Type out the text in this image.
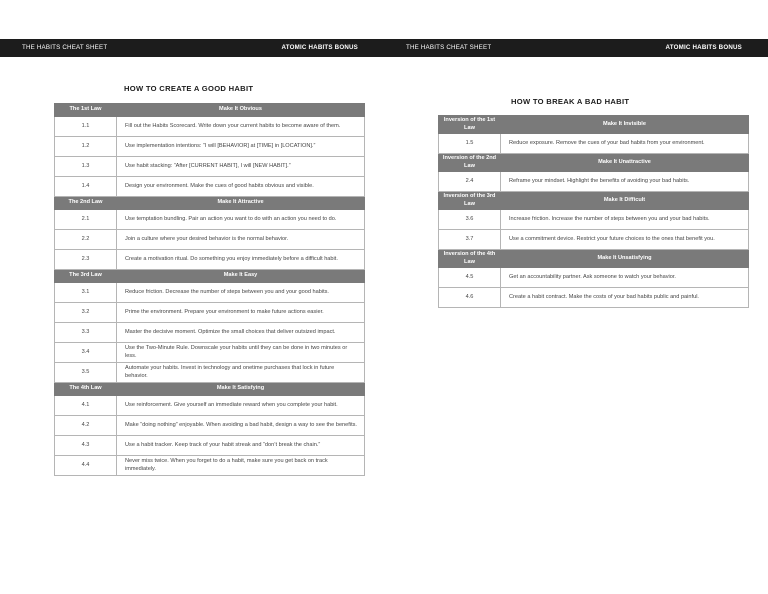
THE HABITS CHEAT SHEET	ATOMIC HABITS BONUS
HOW TO CREATE A GOOD HABIT
The 1st Law	Make It Obvious
1.1	Fill out the Habits Scorecard. Write down your current habits to become aware of them.
1.2	Use implementation intentions: “I will [BEHAVIOR] at [TIME] in [LOCATION].”
1.3	Use habit stacking: “After [CURRENT HABIT], I will [NEW HABIT].”
1.4	Design your environment. Make the cues of good habits obvious and visible.
The 2nd Law	Make It Attractive
2.1	Use temptation bundling. Pair an action you want to do with an action you need to do.
2.2	Join a culture where your desired behavior is the normal behavior.
2.3	Create a motivation ritual. Do something you enjoy immediately before a difficult habit.
The 3rd Law	Make It Easy
3.1	Reduce friction. Decrease the number of steps between you and your good habits.
3.2	Prime the environment. Prepare your environment to make future actions easier.
3.3	Master the decisive moment. Optimize the small choices that deliver outsized impact.
3.4	Use the Two-Minute Rule. Downscale your habits until they can be done in two minutes or less.
3.5	Automate your habits. Invest in technology and onetime purchases that lock in future behavior.
The 4th Law	Make It Satisfying
4.1	Use reinforcement. Give yourself an immediate reward when you complete your habit.
4.2	Make “doing nothing” enjoyable. When avoiding a bad habit, design a way to see the benefits.
4.3	Use a habit tracker. Keep track of your habit streak and “don’t break the chain.”
4.4	Never miss twice. When you forget to do a habit, make sure you get back on track immediately.
THE HABITS CHEAT SHEET	ATOMIC HABITS BONUS
HOW TO BREAK A BAD HABIT
Inversion of the 1st Law	Make It Invisible
1.5	Reduce exposure. Remove the cues of your bad habits from your environment.
Inversion of the 2nd Law	Make It Unattractive
2.4	Reframe your mindset. Highlight the benefits of avoiding your bad habits.
Inversion of the 3rd Law	Make It Difficult
3.6	Increase friction. Increase the number of steps between you and your bad habits.
3.7	Use a commitment device. Restrict your future choices to the ones that benefit you.
Inversion of the 4th Law	Make It Unsatisfying
4.5	Get an accountability partner. Ask someone to watch your behavior.
4.6	Create a habit contract. Make the costs of your bad habits public and painful.
